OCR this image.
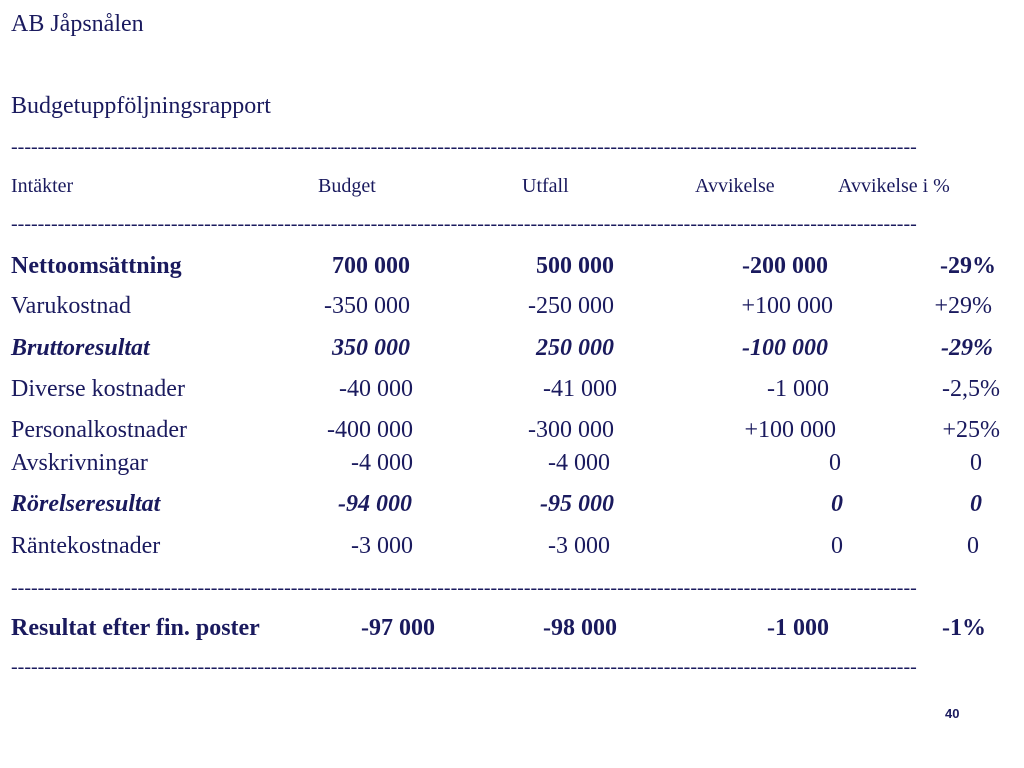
AB Jåpsnålen
Budgetuppföljningsrapport
----------------------------------------------------------------------------------------------------------------------------------------
Intäkter	Budget	Utfall	Avvikelse	Avvikelse i %
----------------------------------------------------------------------------------------------------------------------------------------
Nettoomsättning	700 000	500 000	-200 000	-29%
Varukostnad	-350 000	-250 000	+100 000	+29%
Bruttoresultat	350 000	250 000	-100 000	-29%
Diverse kostnader	-40 000	-41 000	-1 000	-2,5%
Personalkostnader	-400 000	-300 000	+100 000	+25%
Avskrivningar	-4 000	-4 000	0	0
Rörelseresultat	-94 000	-95 000	0	0
Räntekostnader	-3 000	-3 000	0	0
----------------------------------------------------------------------------------------------------------------------------------------
Resultat efter fin. poster	-97 000	-98 000	-1 000	-1%
----------------------------------------------------------------------------------------------------------------------------------------
40
